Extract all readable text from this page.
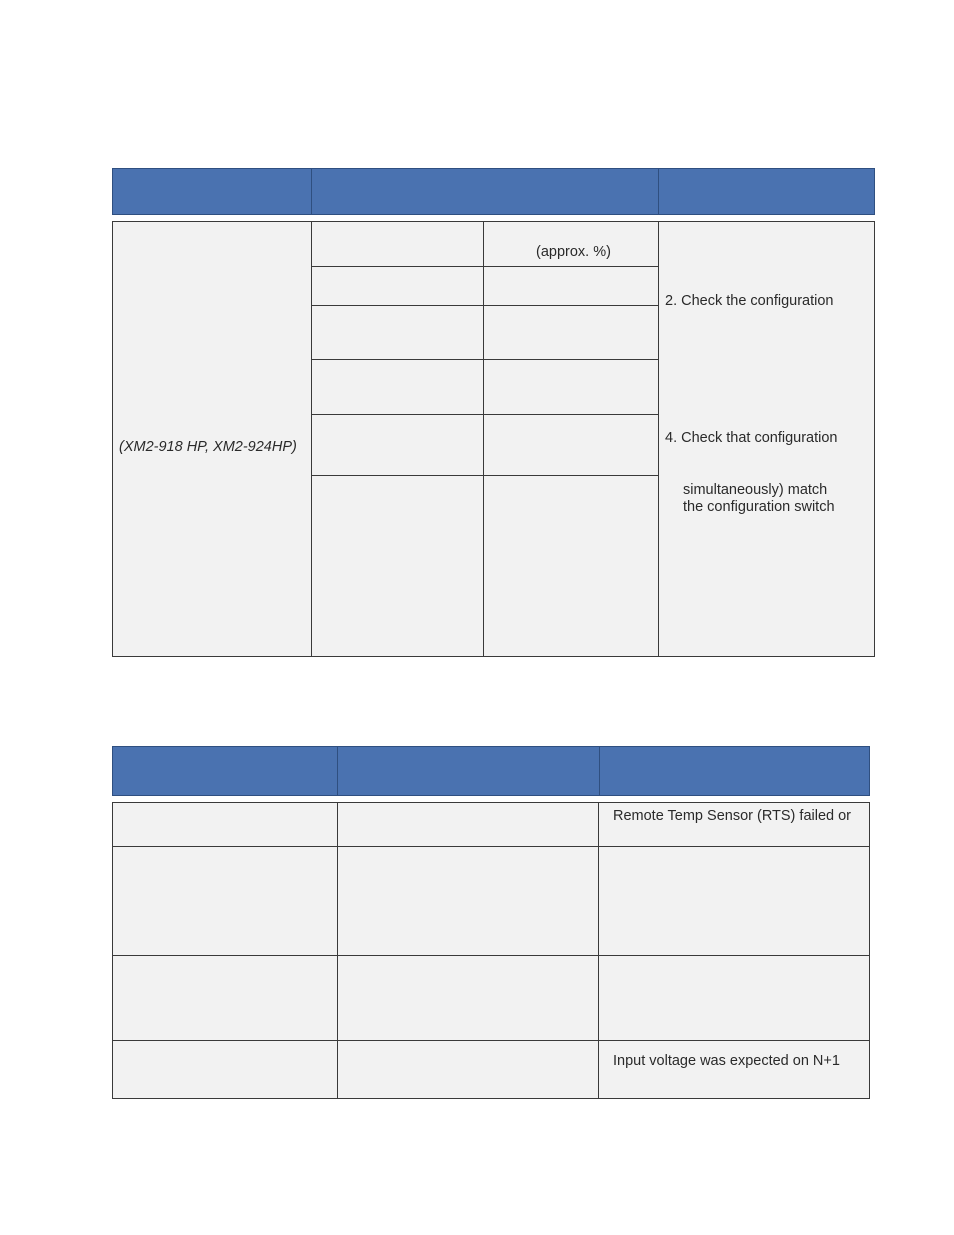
(approx. %)
(XM2-918 HP, XM2-924HP)
2. Check the configuration
4. Check that configuration
simultaneously) match
the configuration switch
Remote Temp Sensor (RTS) failed or
Input voltage was expected on N+1
